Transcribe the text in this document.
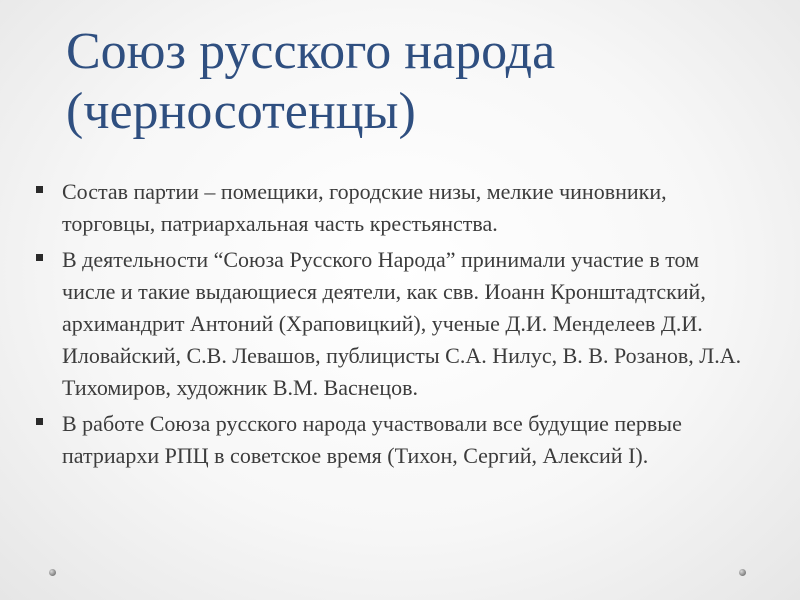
Союз русского народа
(черносотенцы)
Состав партии – помещики, городские низы, мелкие чиновники, торговцы, патриархальная часть крестьянства.
В деятельности “Союза Русского Народа” принимали участие в том числе и такие выдающиеся деятели, как свв. Иоанн Кронштадтский, архимандрит Антоний (Храповицкий), ученые Д.И. Менделеев Д.И. Иловайский, С.В. Левашов, публицисты С.А. Нилус, В. В. Розанов, Л.А. Тихомиров, художник В.М. Васнецов.
В работе Союза русского народа участвовали все будущие первые патриархи РПЦ в советское время (Тихон, Сергий, Алексий I).
